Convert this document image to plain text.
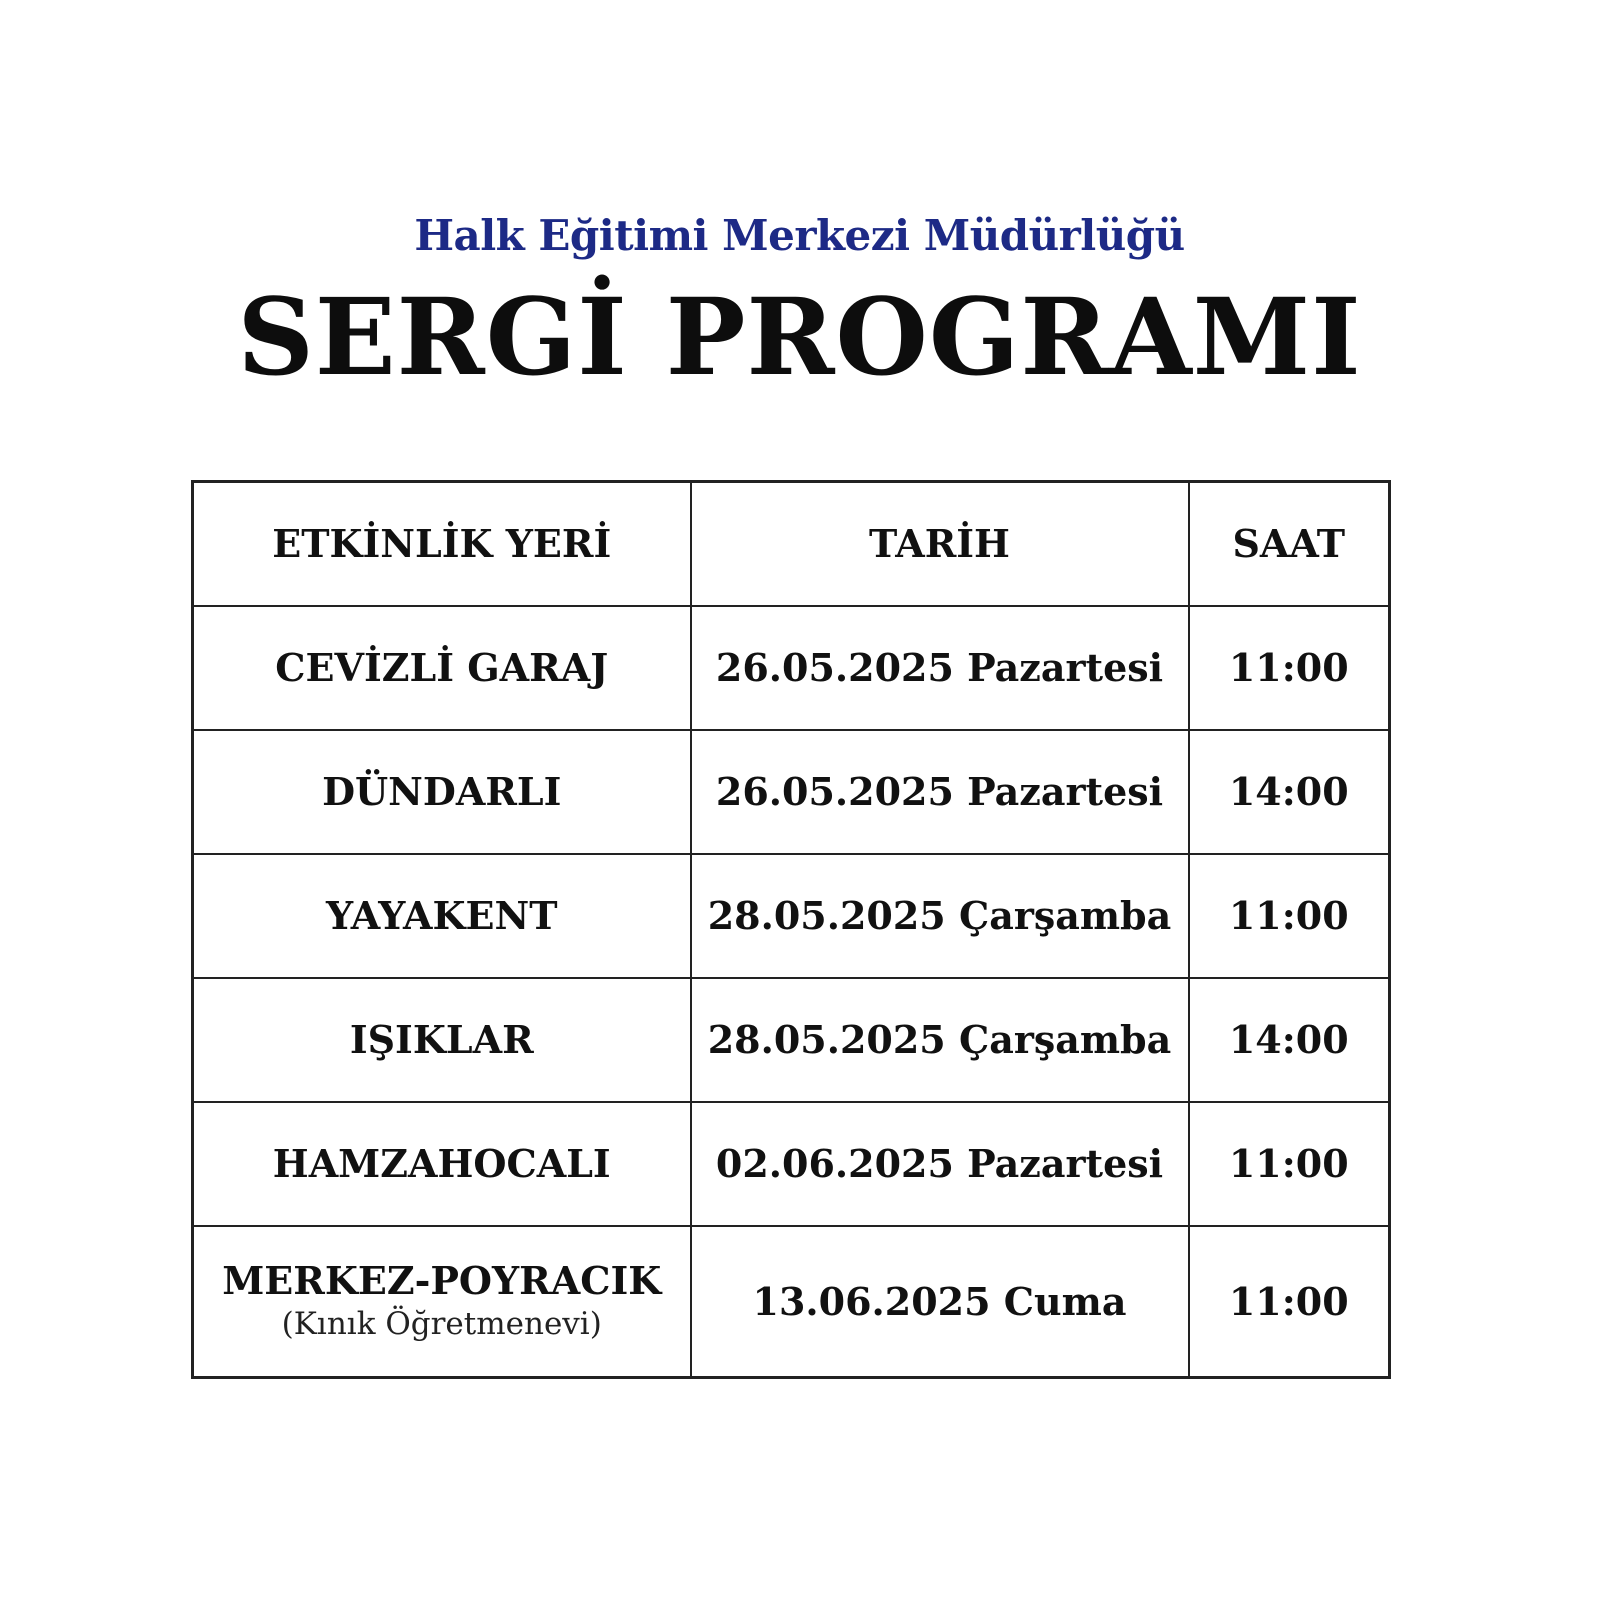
Halk Eğitimi Merkezi Müdürlüğü
SERGİ PROGRAMI
ETKİNLİK YERİ	TARİH	SAAT

CEVİZLİ GARAJ	26.05.2025 Pazartesi	11:00

DÜNDARLI	26.05.2025 Pazartesi	14:00

YAYAKENT	28.05.2025 Çarşamba	11:00

IŞIKLAR	28.05.2025 Çarşamba	14:00

HAMZAHOCALI	02.06.2025 Pazartesi	11:00

MERKEZ-POYRACIK
(Kınık Öğretmenevi)	13.06.2025 Cuma	11:00
